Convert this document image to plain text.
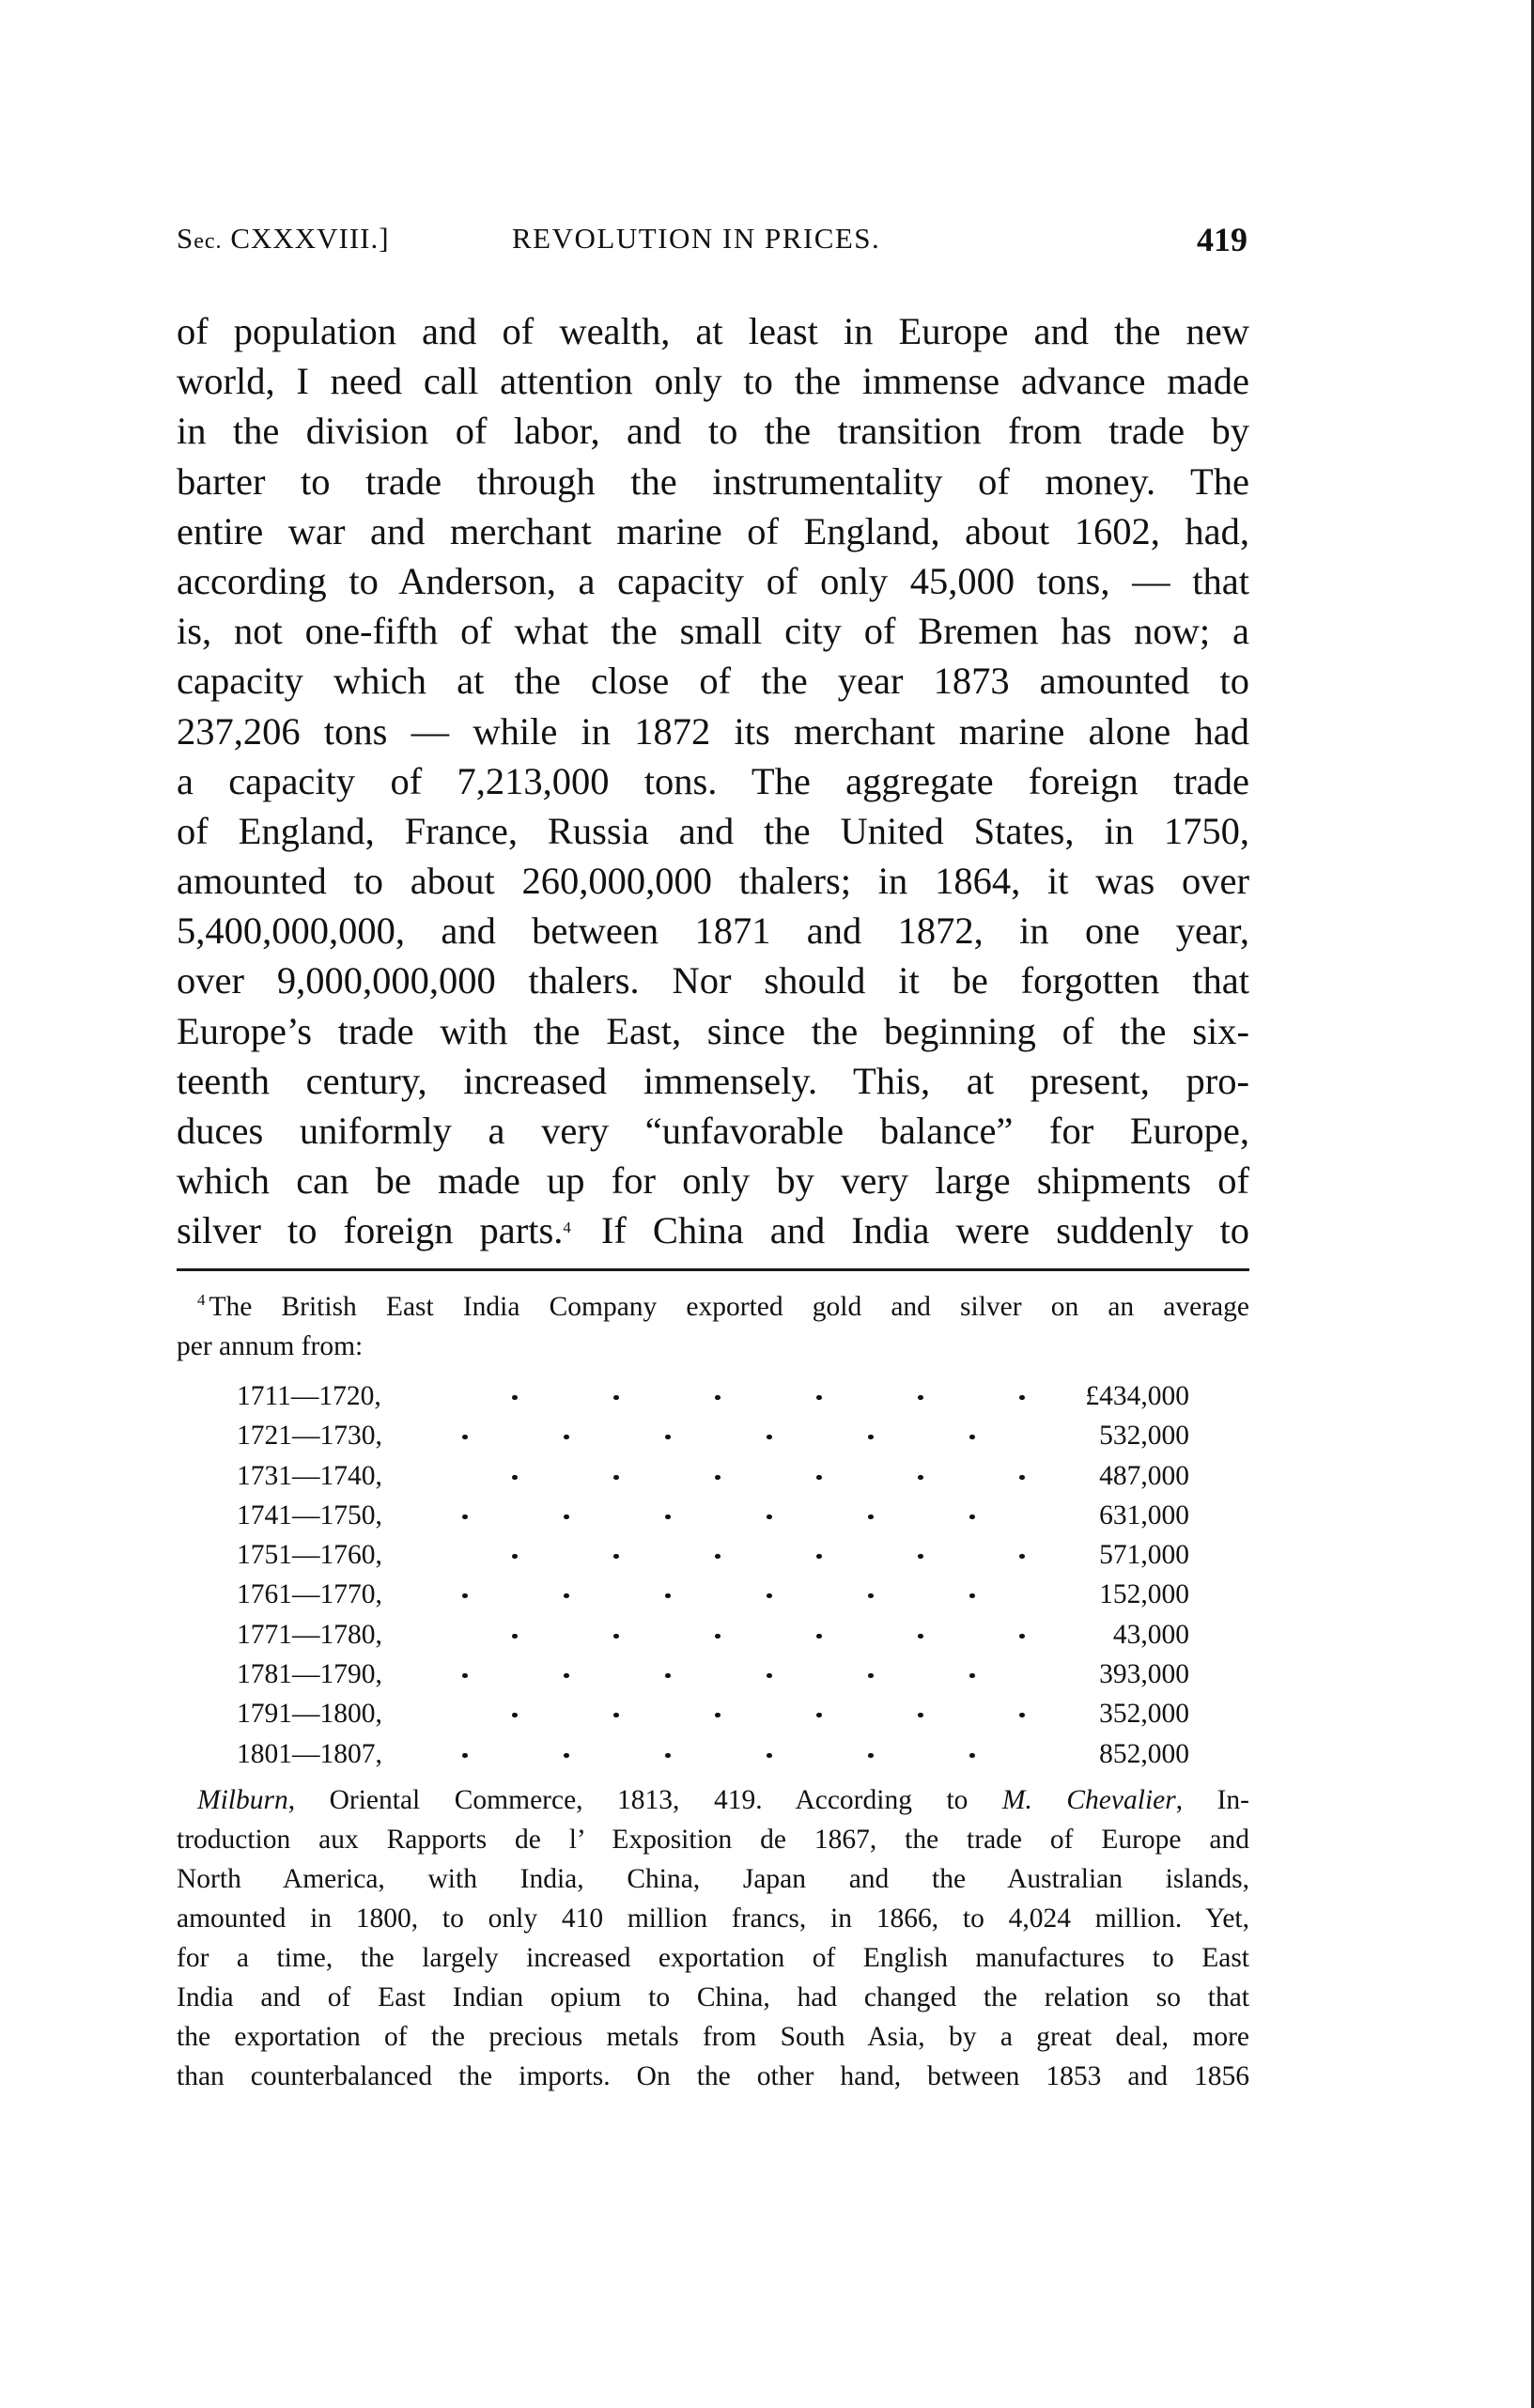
Sec. CXXXVIII.]	REVOLUTION IN PRICES.	419
of population and of wealth, at least in Europe and the new
world, I need call attention only to the immense advance made
in the division of labor, and to the transition from trade by
barter to trade through the instrumentality of money. The
entire war and merchant marine of England, about 1602, had,
according to Anderson, a capacity of only 45,000 tons, — that
is, not one-fifth of what the small city of Bremen has now; a
capacity which at the close of the year 1873 amounted to
237,206 tons — while in 1872 its merchant marine alone had
a capacity of 7,213,000 tons. The aggregate foreign trade
of England, France, Russia and the United States, in 1750,
amounted to about 260,000,000 thalers; in 1864, it was over
5,400,000,000, and between 1871 and 1872, in one year,
over 9,000,000,000 thalers. Nor should it be forgotten that
Europe’s trade with the East, since the beginning of the six-
teenth century, increased immensely. This, at present, pro-
duces uniformly a very “unfavorable balance” for Europe,
which can be made up for only by very large shipments of
silver to foreign parts.$^4$ If China and India were suddenly to
$^4$ The British East India Company exported gold and silver on an average
per annum from:
1711—1720,	£434,000
1721—1730,	532,000
1731—1740,	487,000
1741—1750,	631,000
1751—1760,	571,000
1761—1770,	152,000
1771—1780,	43,000
1781—1790,	393,000
1791—1800,	352,000
1801—1807,	852,000
Milburn, Oriental Commerce, 1813, 419. According to M. Chevalier, In-
troduction aux Rapports de l’ Exposition de 1867, the trade of Europe and
North America, with India, China, Japan and the Australian islands,
amounted in 1800, to only 410 million francs, in 1866, to 4,024 million. Yet,
for a time, the largely increased exportation of English manufactures to East
India and of East Indian opium to China, had changed the relation so that
the exportation of the precious metals from South Asia, by a great deal, more
than counterbalanced the imports. On the other hand, between 1853 and 1856
